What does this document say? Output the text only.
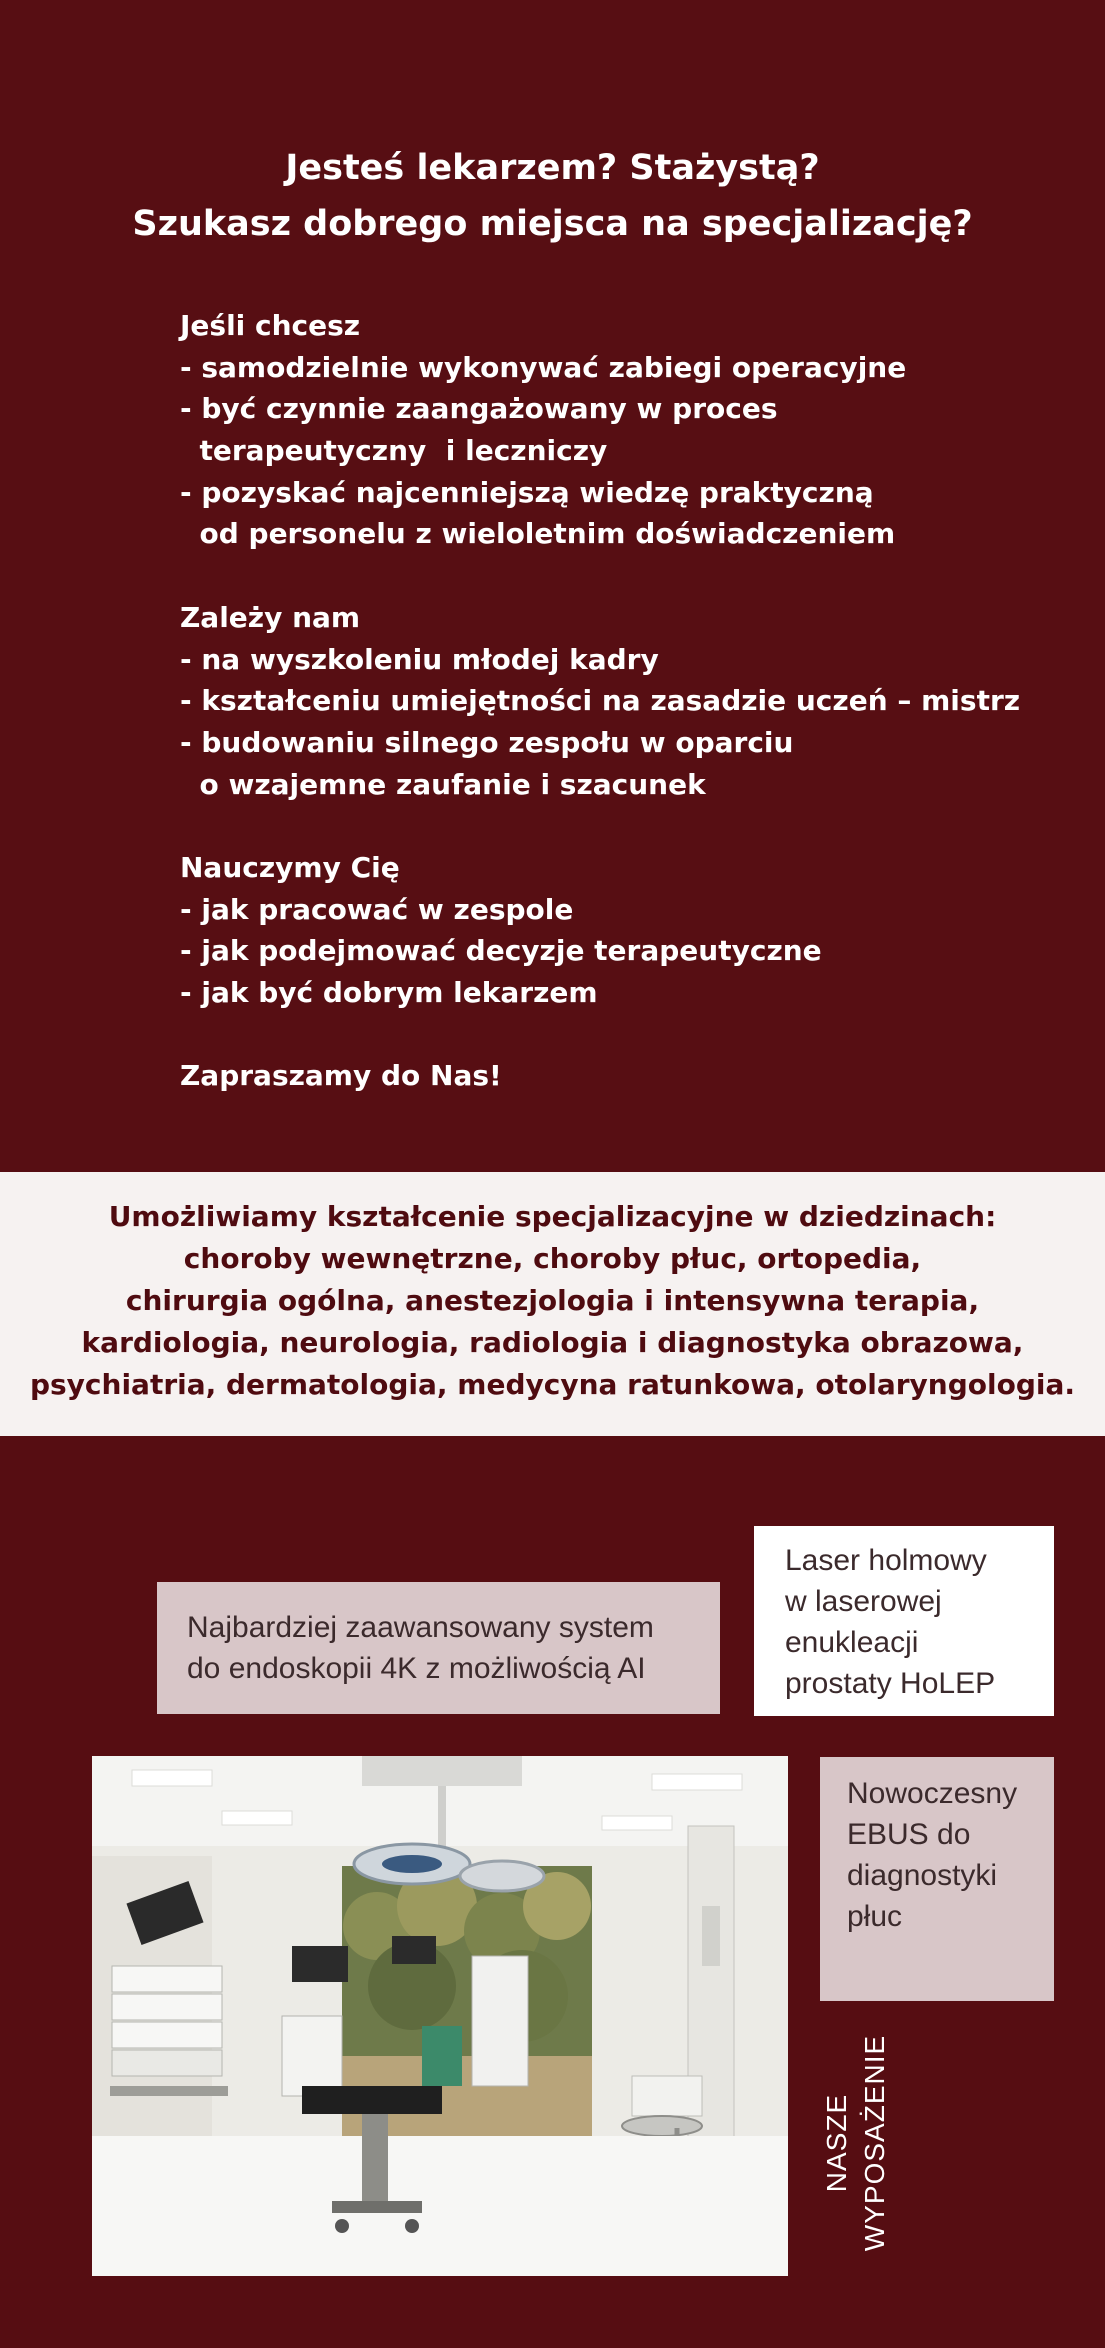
Jesteś lekarzem? Stażystą?
Szukasz dobrego miejsca na specjalizację?
Jeśli chcesz
- samodzielnie wykonywać zabiegi operacyjne
- być czynnie zaangażowany w proces
terapeutyczny  i leczniczy
- pozyskać najcenniejszą wiedzę praktyczną
od personelu z wieloletnim doświadczeniem
Zależy nam
- na wyszkoleniu młodej kadry
- kształceniu umiejętności na zasadzie uczeń – mistrz
- budowaniu silnego zespołu w oparciu
o wzajemne zaufanie i szacunek
Nauczymy Cię
- jak pracować w zespole
- jak podejmować decyzje terapeutyczne
- jak być dobrym lekarzem
Zapraszamy do Nas!
Umożliwiamy kształcenie specjalizacyjne w dziedzinach:
choroby wewnętrzne, choroby płuc, ortopedia,
chirurgia ogólna, anestezjologia i intensywna terapia,
kardiologia, neurologia, radiologia i diagnostyka obrazowa,
psychiatria, dermatologia, medycyna ratunkowa, otolaryngologia.
Laser holmowy
w laserowej
enukleacji
prostaty HoLEP
Najbardziej zaawansowany system
do endoskopii 4K z możliwością AI
Nowoczesny
EBUS do
diagnostyki
płuc
NASZE WYPOSAŻENIE
